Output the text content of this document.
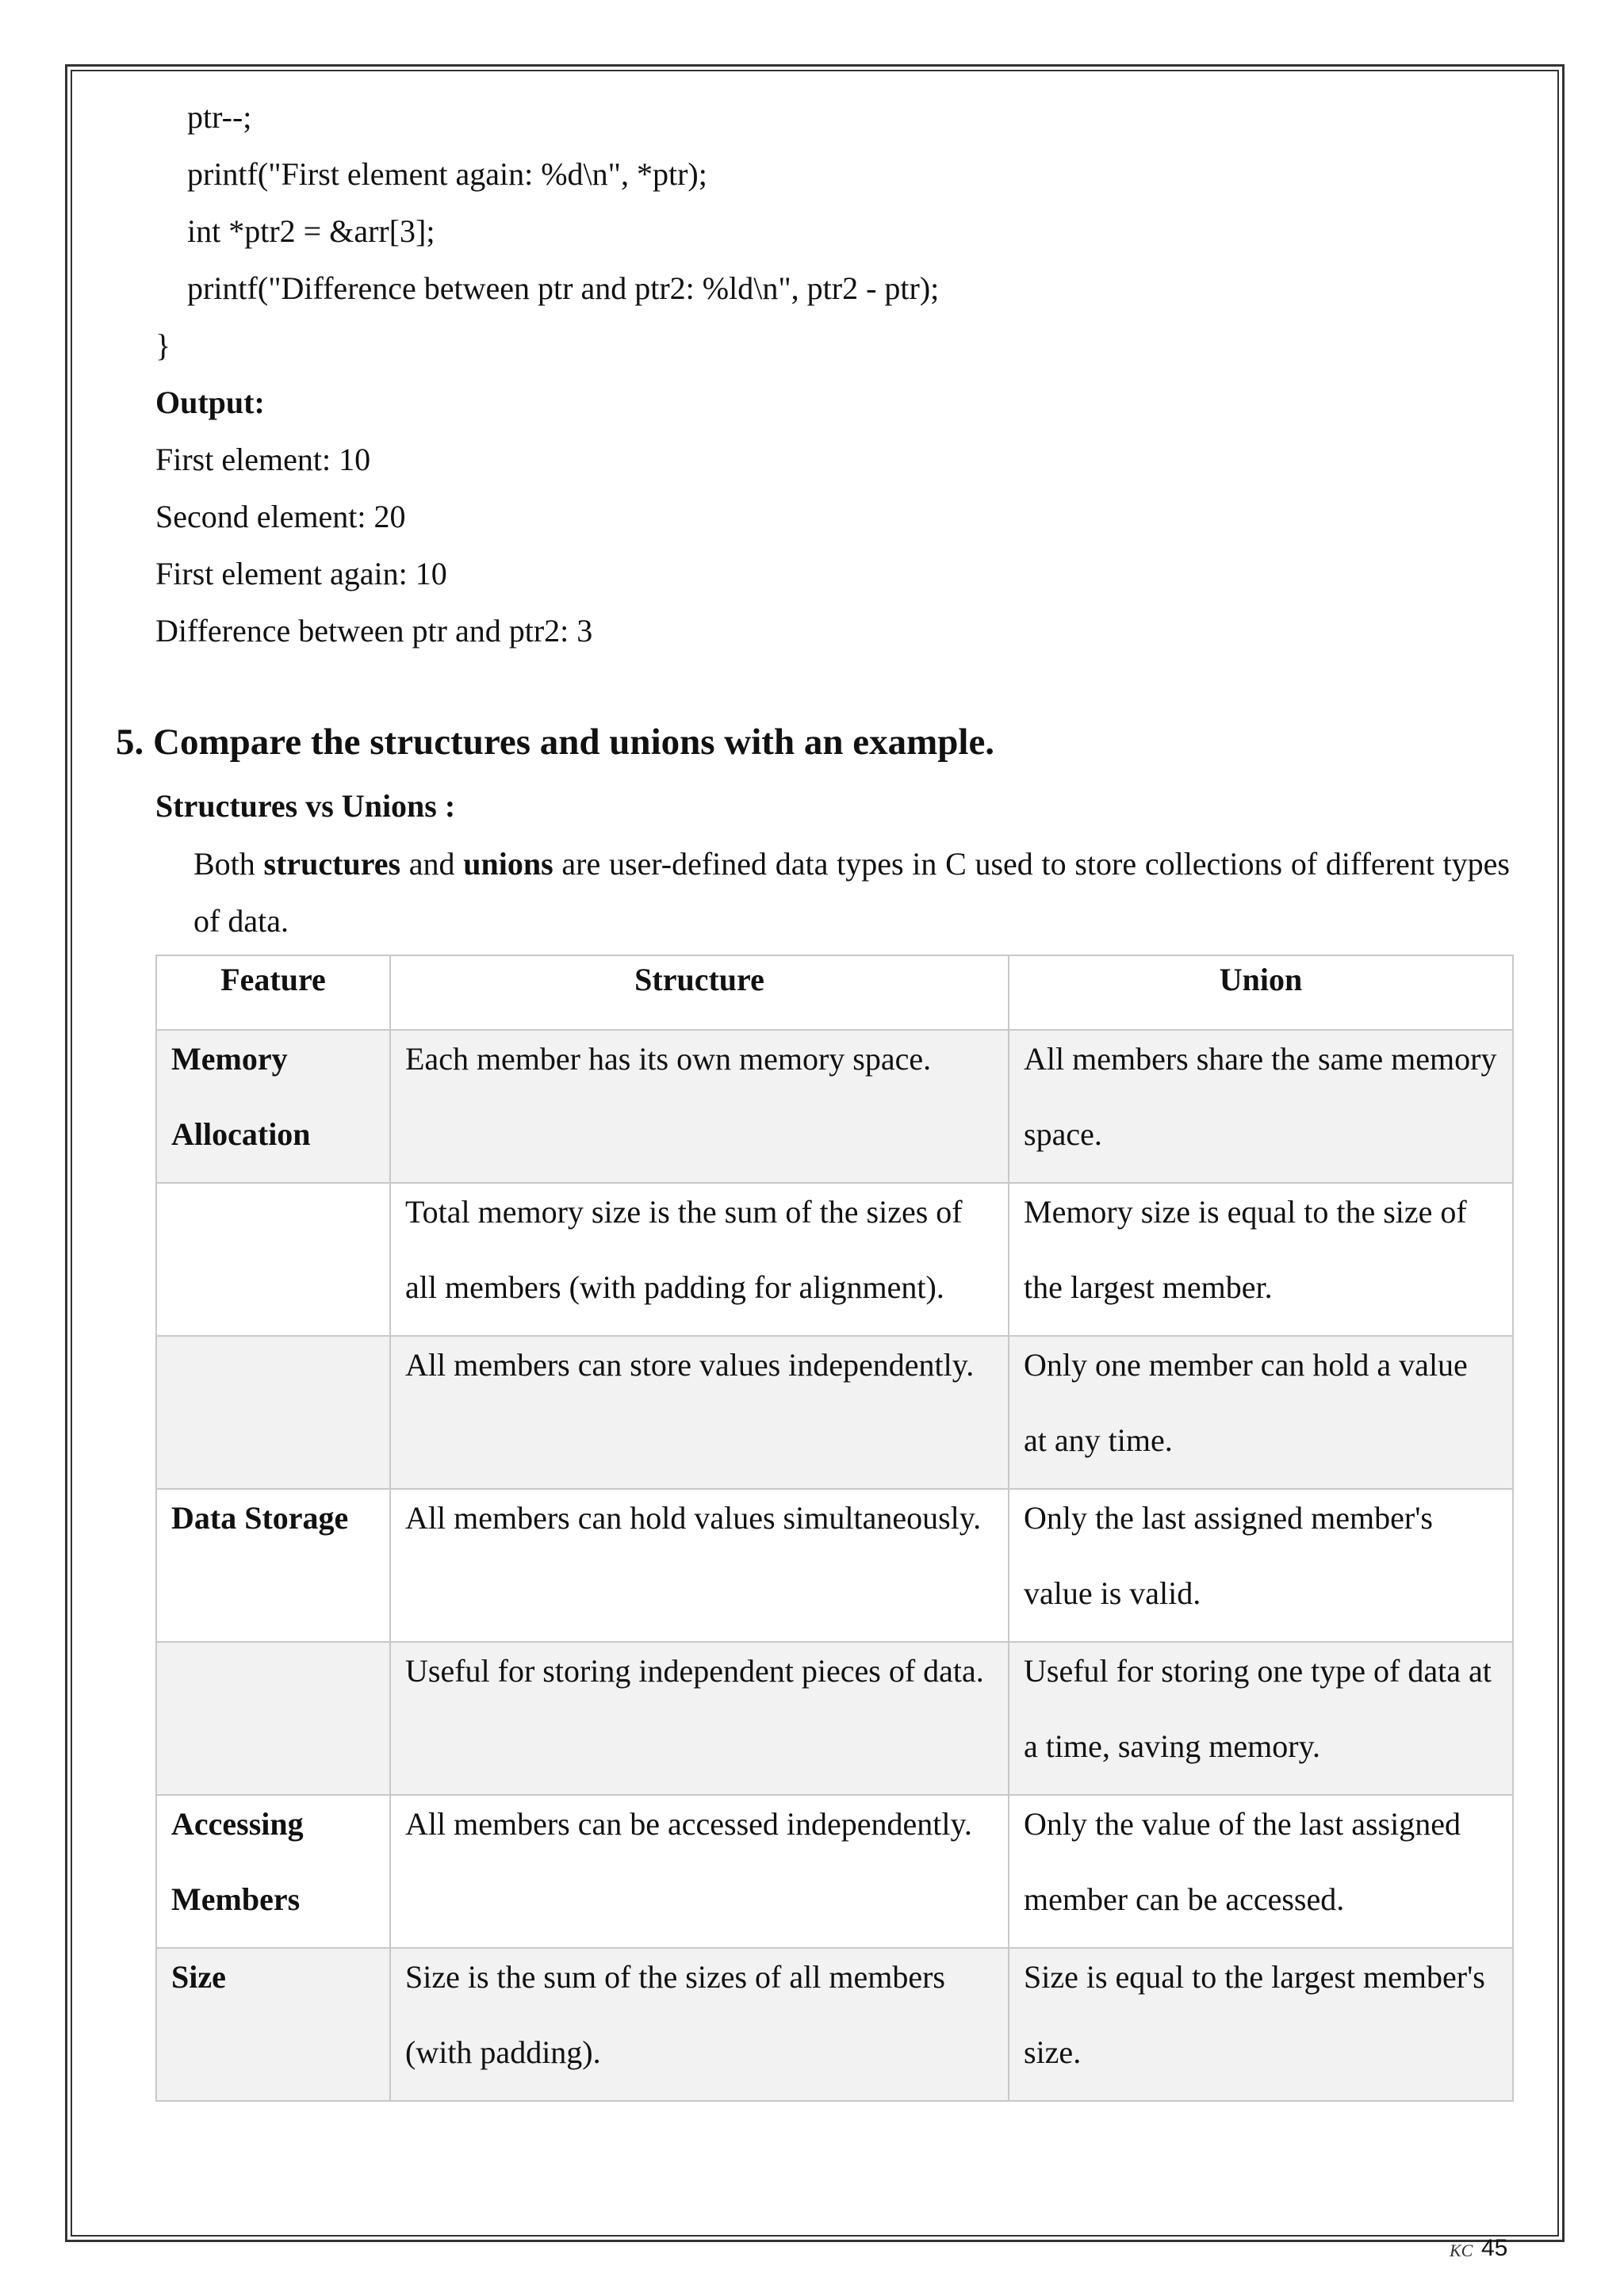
ptr--;
printf("First element again: %d\n", *ptr);
int *ptr2 = &arr[3];
printf("Difference between ptr and ptr2: %ld\n", ptr2 - ptr);
}
Output:
First element: 10
Second element: 20
First element again: 10
Difference between ptr and ptr2: 3
5. Compare the structures and unions with an example.
Structures vs Unions :
Both structures and unions are user-defined data types in C used to store collections of different types of data.
Feature	Structure	Union

Memory Allocation	Each member has its own memory space.	All members share the same memory space.

	Total memory size is the sum of the sizes of all members (with padding for alignment).	Memory size is equal to the size of the largest member.

	All members can store values independently.	Only one member can hold a value at any time.

Data Storage	All members can hold values simultaneously.	Only the last assigned member's value is valid.

	Useful for storing independent pieces of data.	Useful for storing one type of data at a time, saving memory.

Accessing Members	All members can be accessed independently.	Only the value of the last assigned member can be accessed.

Size	Size is the sum of the sizes of all members (with padding).	Size is equal to the largest member's size.
KC 45
